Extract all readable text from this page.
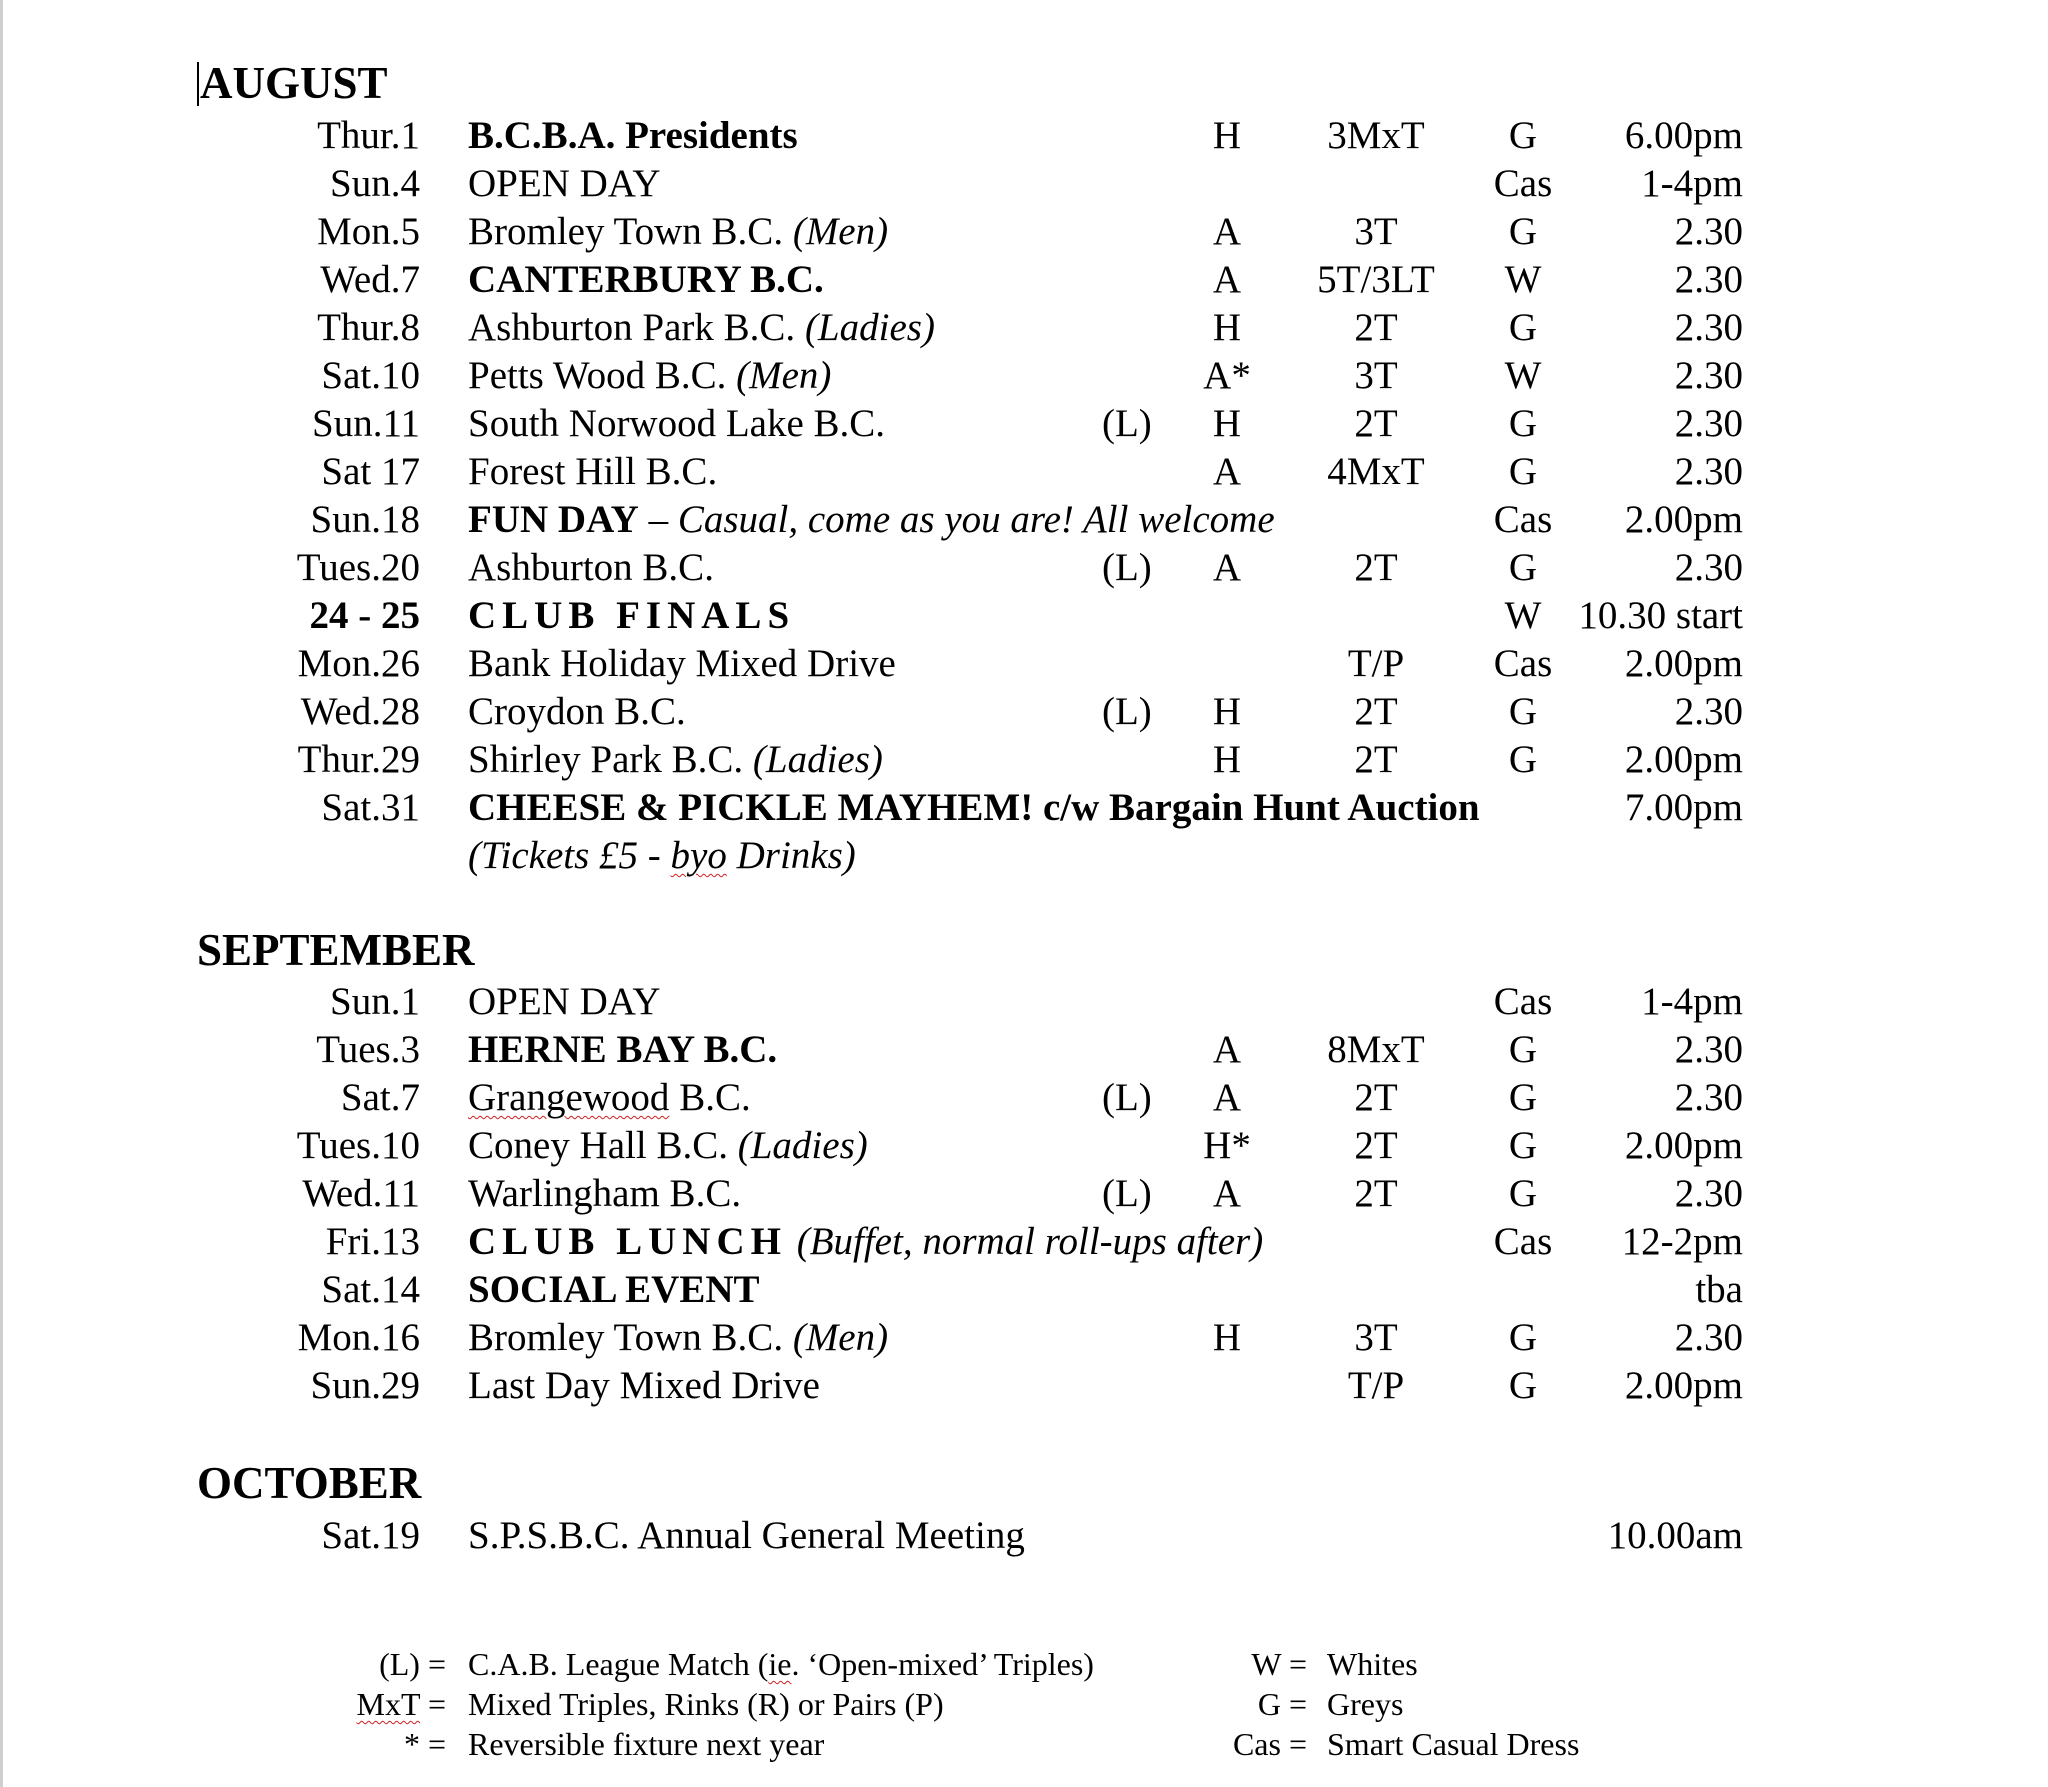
AUGUST
Thur.1 B.C.B.A. Presidents	H 3MxT G 6.00pm
Sun.4 OPEN DAY	Cas 1-4pm
Mon.5 Bromley Town B.C. (Men)	A	3T	G	2.30
Wed.7 CANTERBURY B.C.	A 5T/3LT W	2.30
Thur.8 Ashburton Park B.C. (Ladies)	H	2T	G	2.30
Sat.10 Petts Wood B.C. (Men)	A*	3T	W	2.30
Sun.11 South Norwood Lake B.C.	(L) H	2T	G	2.30
Sat 17 Forest Hill B.C.	A 4MxT G	2.30
Sun.18 FUN DAY – Casual, come as you are! All welcome	Cas 2.00pm
Tues.20 Ashburton B.C.	(L) A	2T	G	2.30
24 - 25 CLUB FINALS	W 10.30 start
Mon.26 Bank Holiday Mixed Drive	T/P Cas 2.00pm
Wed.28 Croydon B.C.	(L) H	2T	G	2.30
Thur.29 Shirley Park B.C. (Ladies)	H	2T	G 2.00pm
Sat.31 CHEESE & PICKLE MAYHEM! c/w Bargain Hunt Auction	7.00pm
(Tickets £5 - byo Drinks)
SEPTEMBER
Sun.1 OPEN DAY	Cas 1-4pm
Tues.3 HERNE BAY B.C.	A 8MxT G	2.30
Sat.7 Grangewood B.C.	(L) A	2T	G	2.30
Tues.10 Coney Hall B.C. (Ladies)	H*	2T	G 2.00pm
Wed.11 Warlingham B.C.	(L) A	2T	G	2.30
Fri.13 CLUB LUNCH (Buffet, normal roll-ups after)	Cas 12-2pm
Sat.14 SOCIAL EVENT	tba
Mon.16 Bromley Town B.C. (Men)	H	3T	G	2.30
Sun.29 Last Day Mixed Drive	T/P	G 2.00pm
OCTOBER
Sat.19 S.P.S.B.C. Annual General Meeting	10.00am
(L) = C.A.B. League Match (ie. ‘Open-mixed’ Triples)	W = Whites
MxT = Mixed Triples, Rinks (R) or Pairs (P)	G = Greys
* = Reversible fixture next year	Cas = Smart Casual Dress
